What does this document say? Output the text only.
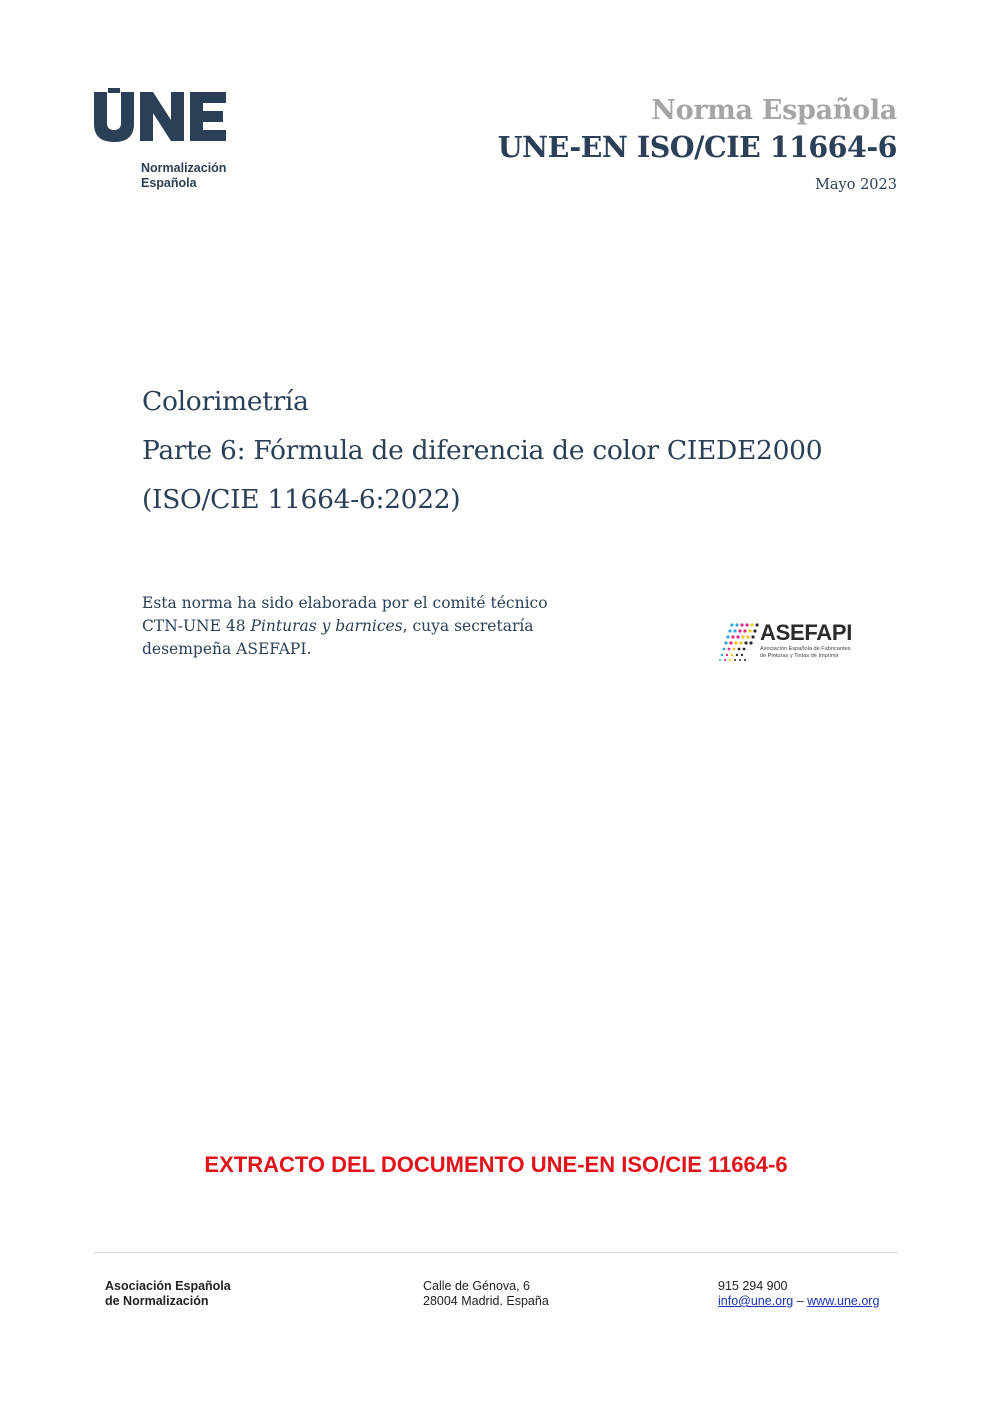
Normalización
Española
Norma Española
UNE-EN ISO/CIE 11664-6
Mayo 2023
Colorimetría
Parte 6: Fórmula de diferencia de color CIEDE2000
(ISO/CIE 11664-6:2022)
Esta norma ha sido elaborada por el comité técnico
CTN-UNE 48 Pinturas y barnices, cuya secretaría
desempeña ASEFAPI.
ASEFAPI
Asociación Española de Fabricantes
de Pinturas y Tintas de Imprimir
EXTRACTO DEL DOCUMENTO UNE-EN ISO/CIE 11664-6
Asociación Española
de Normalización
Calle de Génova, 6
28004 Madrid. España
915 294 900
info@une.org – www.une.org
